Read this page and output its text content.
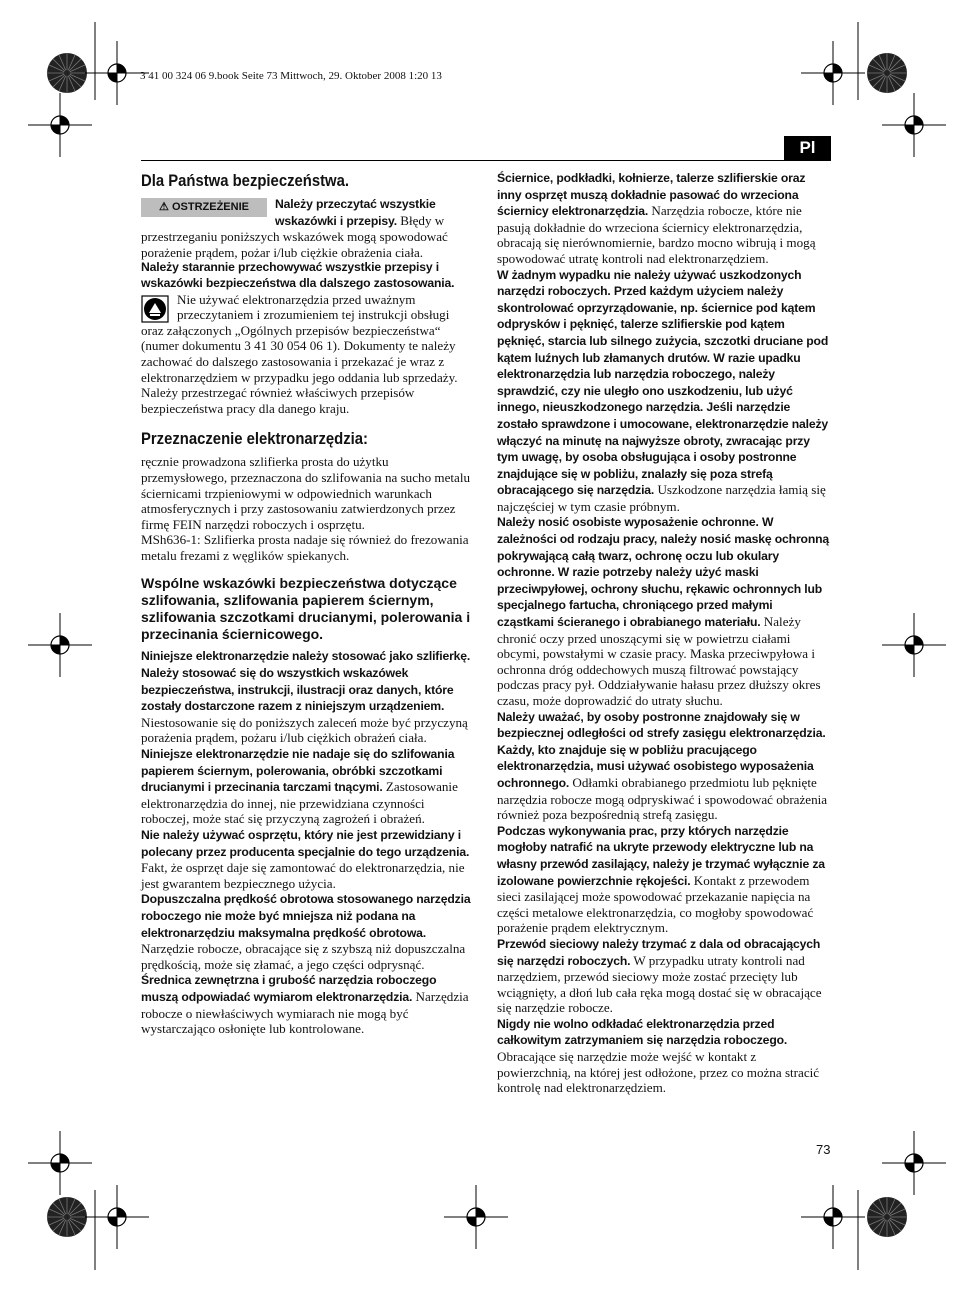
3 41 00 324 06 9.book Seite 73 Mittwoch, 29. Oktober 2008 1:20 13
Pl
Dla Państwa bezpieczeństwa.

⚠ OSTRZEŻENIE	Należy przeczytać wszystkie wskazówki i przepisy. Błędy w przestrzeganiu poniższych wskazówek mogą spowodować porażenie prądem, pożar i/lub ciężkie obrażenia ciała.

Należy starannie przechowywać wszystkie przepisy i wskazówki bezpieczeństwa dla dalszego zastosowania.

Nie używać elektronarzędzia przed uważnym przeczytaniem i zrozumieniem tej instrukcji obsługi oraz załączonych „Ogólnych przepisów bezpieczeństwa“ (numer dokumentu 3 41 30 054 06 1). Dokumenty te należy zachować do dalszego zastosowania i przekazać je wraz z elektronarzędziem w przypadku jego oddania lub sprzedaży.

Należy przestrzegać również właściwych przepisów bezpieczeństwa pracy dla danego kraju.

Przeznaczenie elektronarzędzia:

ręcznie prowadzona szlifierka prosta do użytku przemysłowego, przeznaczona do szlifowania na sucho metalu ściernicami trzpieniowymi w odpowiednich warunkach atmosferycznych i przy zastosowaniu zatwierdzonych przez firmę FEIN narzędzi roboczych i osprzętu.

MSh636-1: Szlifierka prosta nadaje się również do frezowania metalu frezami z węglików spiekanych.

Wspólne wskazówki bezpieczeństwa dotyczące szlifowania, szlifowania papierem ściernym, szlifowania szczotkami drucianymi, polerowania i przecinania ściernicowego.

Niniejsze elektronarzędzie należy stosować jako szlifierkę. Należy stosować się do wszystkich wskazówek bezpieczeństwa, instrukcji, ilustracji oraz danych, które zostały dostarczone razem z niniejszym urządzeniem. Niestosowanie się do poniższych zaleceń może być przyczyną porażenia prądem, pożaru i/lub ciężkich obrażeń ciała.

Niniejsze elektronarzędzie nie nadaje się do szlifowania papierem ściernym, polerowania, obróbki szczotkami drucianymi i przecinania tarczami tnącymi. Zastosowanie elektronarzędzia do innej, nie przewidziana czynności roboczej, może stać się przyczyną zagrożeń i obrażeń.

Nie należy używać osprzętu, który nie jest przewidziany i polecany przez producenta specjalnie do tego urządzenia. Fakt, że osprzęt daje się zamontować do elektronarzędzia, nie jest gwarantem bezpiecznego użycia.

Dopuszczalna prędkość obrotowa stosowanego narzędzia roboczego nie może być mniejsza niż podana na elektronarzędziu maksymalna prędkość obrotowa. Narzędzie robocze, obracające się z szybszą niż dopuszczalna prędkością, może się złamać, a jego części odprysnąć.

Średnica zewnętrzna i grubość narzędzia roboczego muszą odpowiadać wymiarom elektronarzędzia. Narzędzia robocze o niewłaściwych wymiarach nie mogą być wystarczająco osłonięte lub kontrolowane.

Ściernice, podkładki, kołnierze, talerze szlifierskie oraz inny osprzęt muszą dokładnie pasować do wrzeciona ściernicy elektronarzędzia. Narzędzia robocze, które nie pasują dokładnie do wrzeciona ściernicy elektronarzędzia, obracają się nierównomiernie, bardzo mocno wibrują i mogą spowodować utratę kontroli nad elektronarzędziem.

W żadnym wypadku nie należy używać uszkodzonych narzędzi roboczych. Przed każdym użyciem należy skontrolować oprzyrządowanie, np. ściernice pod kątem odprysków i pęknięć, talerze szlifierskie pod kątem pęknięć, starcia lub silnego zużycia, szczotki druciane pod kątem luźnych lub złamanych drutów. W razie upadku elektronarzędzia lub narzędzia roboczego, należy sprawdzić, czy nie uległo ono uszkodzeniu, lub użyć innego, nieuszkodzonego narzędzia. Jeśli narzędzie zostało sprawdzone i umocowane, elektronarzędzie należy włączyć na minutę na najwyższe obroty, zwracając przy tym uwagę, by osoba obsługująca i osoby postronne znajdujące się w pobliżu, znalazły się poza strefą obracającego się narzędzia. Uszkodzone narzędzia łamią się najczęściej w tym czasie próbnym.

Należy nosić osobiste wyposażenie ochronne. W zależności od rodzaju pracy, należy nosić maskę ochronną pokrywającą całą twarz, ochronę oczu lub okulary ochronne. W razie potrzeby należy użyć maski przeciwpyłowej, ochrony słuchu, rękawic ochronnych lub specjalnego fartucha, chroniącego przed małymi cząstkami ścieranego i obrabianego materiału. Należy chronić oczy przed unoszącymi się w powietrzu ciałami obcymi, powstałymi w czasie pracy. Maska przeciwpyłowa i ochronna dróg oddechowych muszą filtrować powstający podczas pracy pył. Oddziaływanie hałasu przez dłuższy okres czasu, może doprowadzić do utraty słuchu.

Należy uważać, by osoby postronne znajdowały się w bezpiecznej odległości od strefy zasięgu elektronarzędzia. Każdy, kto znajduje się w pobliżu pracującego elektronarzędzia, musi używać osobistego wyposażenia ochronnego. Odłamki obrabianego przedmiotu lub pęknięte narzędzia robocze mogą odpryskiwać i spowodować obrażenia również poza bezpośrednią strefą zasięgu.

Podczas wykonywania prac, przy których narzędzie mogłoby natrafić na ukryte przewody elektryczne lub na własny przewód zasilający, należy je trzymać wyłącznie za izolowane powierzchnie rękojeści. Kontakt z przewodem sieci zasilającej może spowodować przekazanie napięcia na części metalowe elektronarzędzia, co mogłoby spowodować porażenie prądem elektrycznym.

Przewód sieciowy należy trzymać z dala od obracających się narzędzi roboczych. W przypadku utraty kontroli nad narzędziem, przewód sieciowy może zostać przecięty lub wciągnięty, a dłoń lub cała ręka mogą dostać się w obracające się narzędzie robocze.

Nigdy nie wolno odkładać elektronarzędzia przed całkowitym zatrzymaniem się narzędzia roboczego. Obracające się narzędzie może wejść w kontakt z powierzchnią, na której jest odłożone, przez co można stracić kontrolę nad elektronarzędziem.

73
